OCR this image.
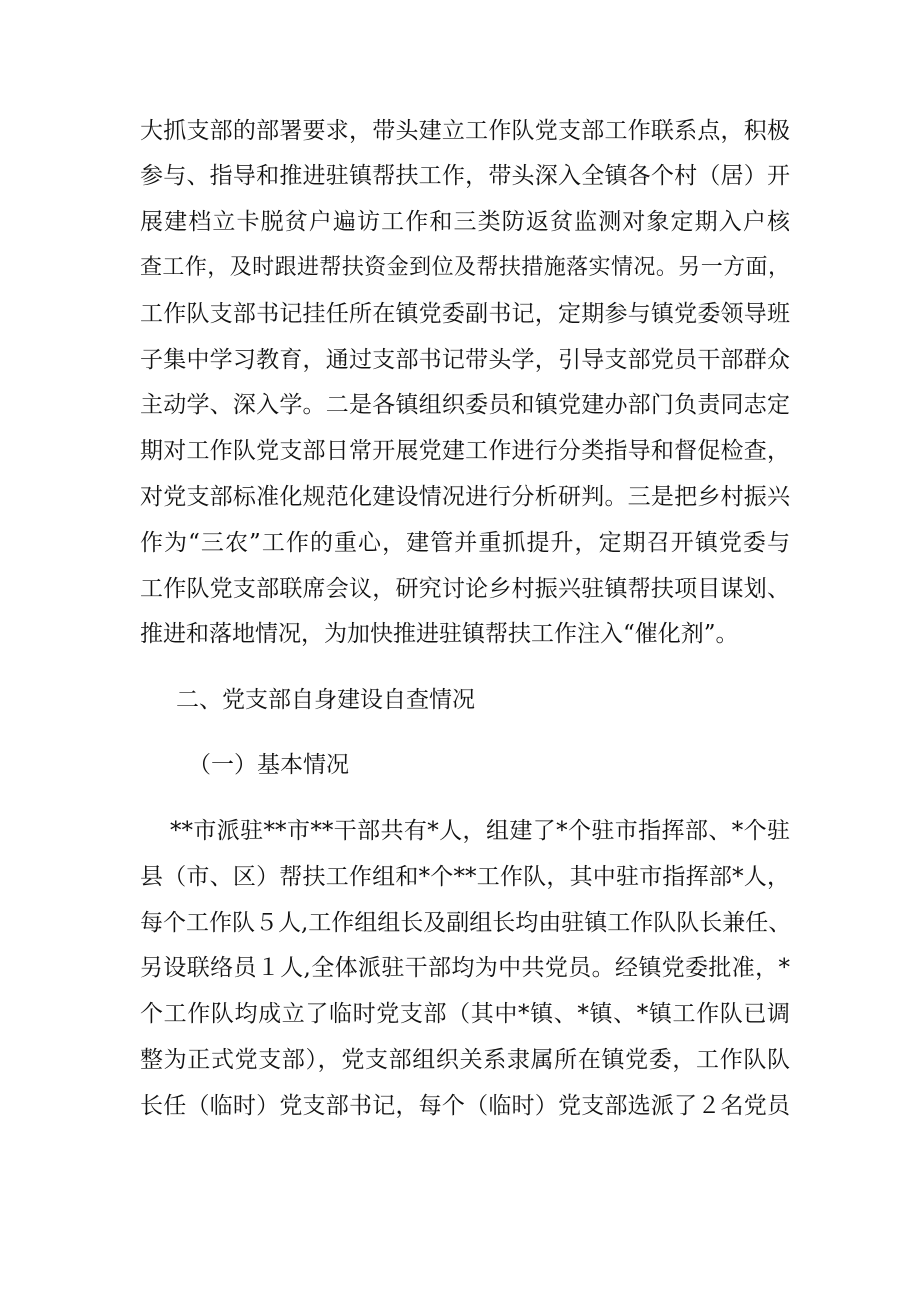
大抓支部的部署要求，带头建立工作队党支部工作联系点，积极
参与、指导和推进驻镇帮扶工作，带头深入全镇各个村（居）开
展建档立卡脱贫户遍访工作和三类防返贫监测对象定期入户核
查工作，及时跟进帮扶资金到位及帮扶措施落实情况。另一方面，
工作队支部书记挂任所在镇党委副书记，定期参与镇党委领导班
子集中学习教育，通过支部书记带头学，引导支部党员干部群众
主动学、深入学。二是各镇组织委员和镇党建办部门负责同志定
期对工作队党支部日常开展党建工作进行分类指导和督促检查，
对党支部标准化规范化建设情况进行分析研判。三是把乡村振兴
作为“三农”工作的重心，建管并重抓提升，定期召开镇党委与
工作队党支部联席会议，研究讨论乡村振兴驻镇帮扶项目谋划、
推进和落地情况，为加快推进驻镇帮扶工作注入“催化剂”。
二、党支部自身建设自查情况
（一）基本情况
**市派驻**市**干部共有*人，组建了*个驻市指挥部、*个驻
县（市、区）帮扶工作组和*个**工作队，其中驻市指挥部*人，
每个工作队５人,工作组组长及副组长均由驻镇工作队队长兼任、
另设联络员１人,全体派驻干部均为中共党员。经镇党委批准，*
个工作队均成立了临时党支部（其中*镇、*镇、*镇工作队已调
整为正式党支部），党支部组织关系隶属所在镇党委，工作队队
长任（临时）党支部书记，每个（临时）党支部选派了２名党员
